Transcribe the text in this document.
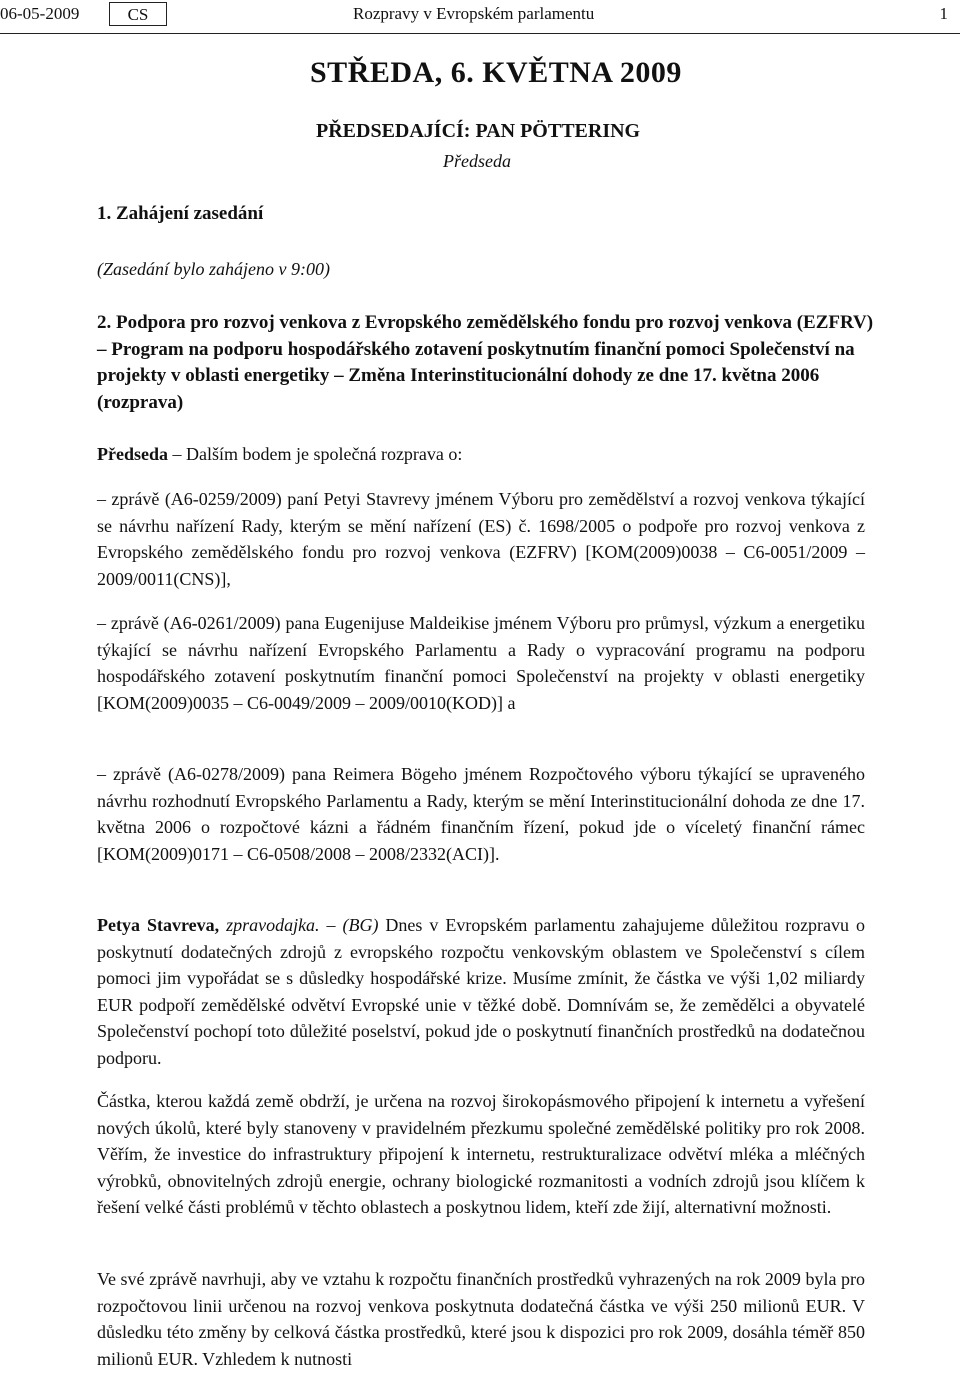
06-05-2009	CS	Rozpravy v Evropském parlamentu	1
STŘEDA, 6. KVĚTNA 2009
PŘEDSEDAJÍCÍ: PAN PÖTTERING
Předseda
1. Zahájení zasedání
(Zasedání bylo zahájeno v 9:00)
2. Podpora pro rozvoj venkova z Evropského zemědělského fondu pro rozvoj venkova (EZFRV) – Program na podporu hospodářského zotavení poskytnutím finanční pomoci Společenství na projekty v oblasti energetiky – Změna Interinstitucionální dohody ze dne 17. května 2006 (rozprava)
Předseda – Dalším bodem je společná rozprava o:
– zprávě (A6-0259/2009) paní Petyi Stavrevy jménem Výboru pro zemědělství a rozvoj venkova týkající se návrhu nařízení Rady, kterým se mění nařízení (ES) č. 1698/2005 o podpoře pro rozvoj venkova z Evropského zemědělského fondu pro rozvoj venkova (EZFRV) [KOM(2009)0038 – C6-0051/2009 – 2009/0011(CNS)],
– zprávě (A6-0261/2009) pana Eugenijuse Maldeikise jménem Výboru pro průmysl, výzkum a energetiku týkající se návrhu nařízení Evropského Parlamentu a Rady o vypracování programu na podporu hospodářského zotavení poskytnutím finanční pomoci Společenství na projekty v oblasti energetiky [KOM(2009)0035 – C6-0049/2009 – 2009/0010(KOD)] a
– zprávě (A6-0278/2009) pana Reimera Bögeho jménem Rozpočtového výboru týkající se upraveného návrhu rozhodnutí Evropského Parlamentu a Rady, kterým se mění Interinstitucionální dohoda ze dne 17. května 2006 o rozpočtové kázni a řádném finančním řízení, pokud jde o víceletý finanční rámec [KOM(2009)0171 – C6-0508/2008 – 2008/2332(ACI)].
Petya Stavreva, zpravodajka. – (BG) Dnes v Evropském parlamentu zahajujeme důležitou rozpravu o poskytnutí dodatečných zdrojů z evropského rozpočtu venkovským oblastem ve Společenství s cílem pomoci jim vypořádat se s důsledky hospodářské krize. Musíme zmínit, že částka ve výši 1,02 miliardy EUR podpoří zemědělské odvětví Evropské unie v těžké době. Domnívám se, že zemědělci a obyvatelé Společenství pochopí toto důležité poselství, pokud jde o poskytnutí finančních prostředků na dodatečnou podporu.
Částka, kterou každá země obdrží, je určena na rozvoj širokopásmového připojení k internetu a vyřešení nových úkolů, které byly stanoveny v pravidelném přezkumu společné zemědělské politiky pro rok 2008. Věřím, že investice do infrastruktury připojení k internetu, restrukturalizace odvětví mléka a mléčných výrobků, obnovitelných zdrojů energie, ochrany biologické rozmanitosti a vodních zdrojů jsou klíčem k řešení velké části problémů v těchto oblastech a poskytnou lidem, kteří zde žijí, alternativní možnosti.
Ve své zprávě navrhuji, aby ve vztahu k rozpočtu finančních prostředků vyhrazených na rok 2009 byla pro rozpočtovou linii určenou na rozvoj venkova poskytnuta dodatečná částka ve výši 250 milionů EUR. V důsledku této změny by celková částka prostředků, které jsou k dispozici pro rok 2009, dosáhla téměř 850 milionů EUR. Vzhledem k nutnosti
